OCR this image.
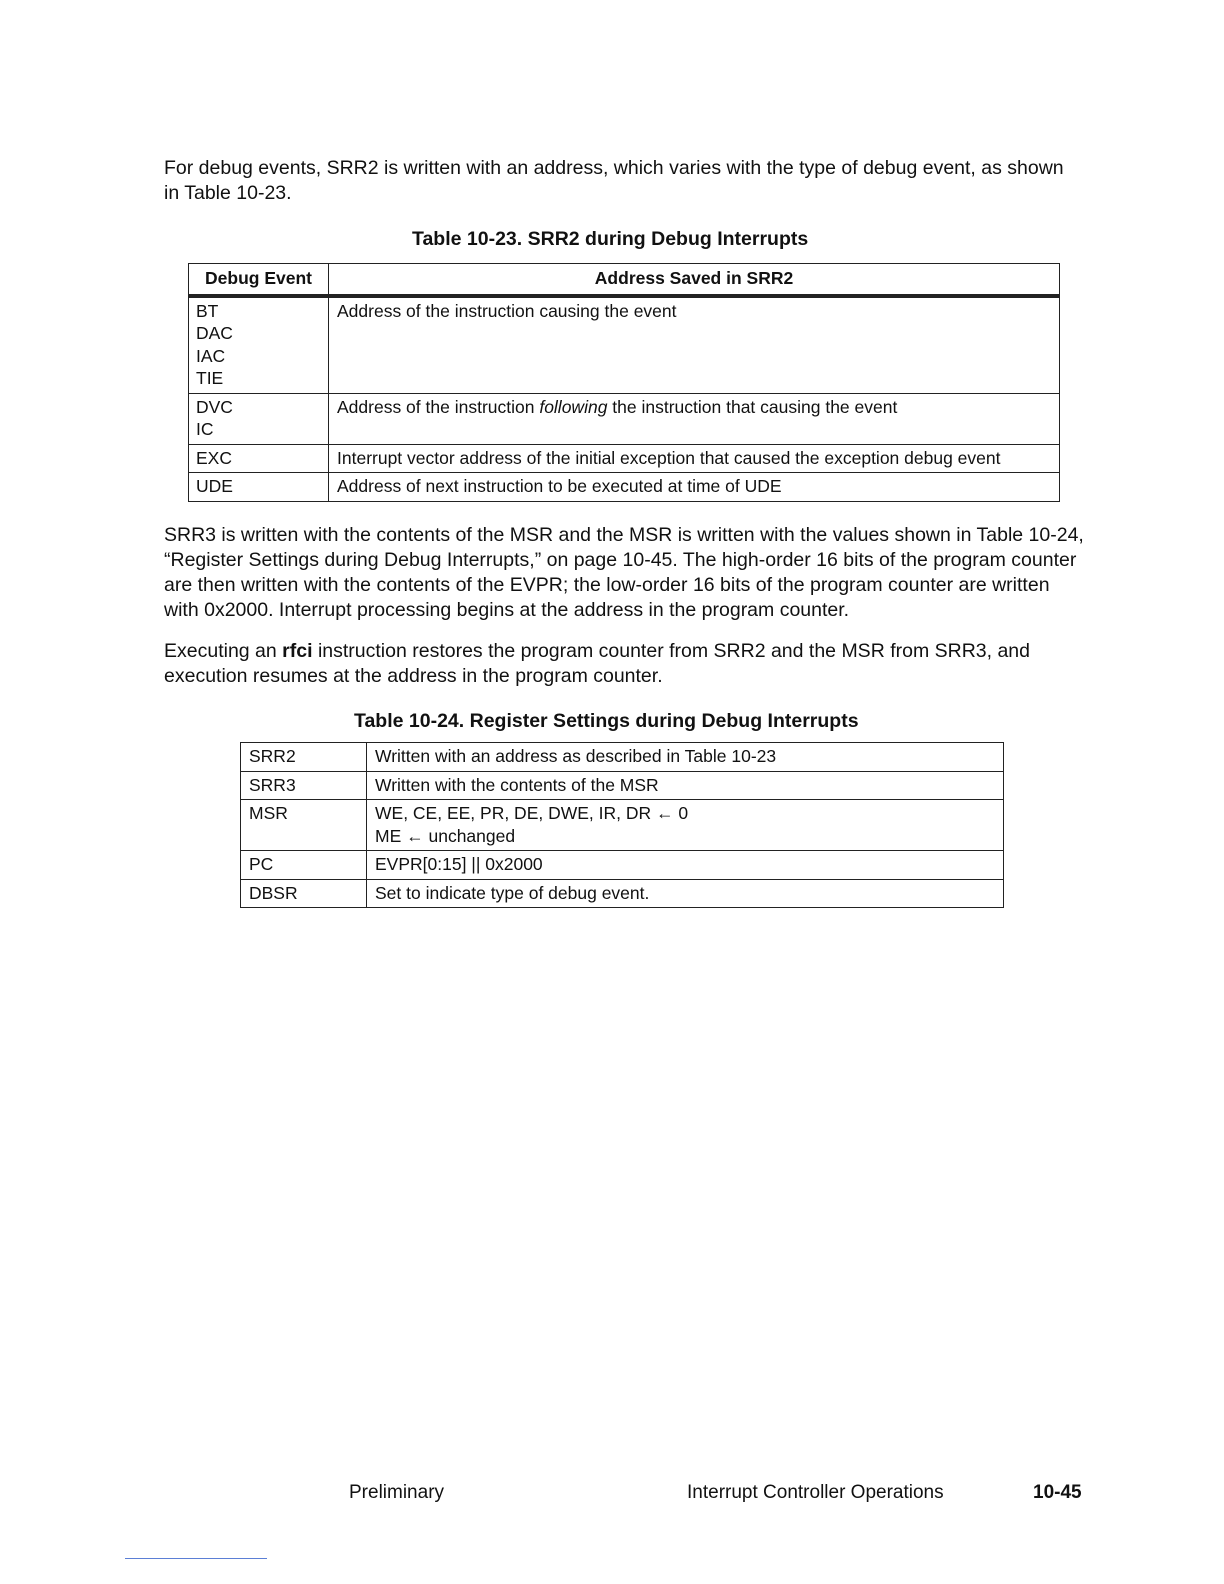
For debug events, SRR2 is written with an address, which varies with the type of debug event, as shown in Table 10-23.

Table 10-23. SRR2 during Debug Interrupts

Debug Event	Address Saved in SRR2

BT
DAC
IAC
TIE	Address of the instruction causing the event

DVC
IC	Address of the instruction following the instruction that causing the event
EXC	Interrupt vector address of the initial exception that caused the exception debug event
UDE	Address of next instruction to be executed at time of UDE

SRR3 is written with the contents of the MSR and the MSR is written with the values shown in Table 10-24, “Register Settings during Debug Interrupts,” on page 10-45. The high-order 16 bits of the program counter are then written with the contents of the EVPR; the low-order 16 bits of the program counter are written with 0x2000. Interrupt processing begins at the address in the program counter.

Executing an rfci instruction restores the program counter from SRR2 and the MSR from SRR3, and execution resumes at the address in the program counter.

Table 10-24. Register Settings during Debug Interrupts

SRR2	Written with an address as described in Table 10-23
SRR3	Written with the contents of the MSR
MSR	WE, CE, EE, PR, DE, DWE, IR, DR ← 0
ME ← unchanged

PC	EVPR[0:15] || 0x2000
DBSR	Set to indicate type of debug event.

Preliminary	Interrupt Controller Operations	10-45
